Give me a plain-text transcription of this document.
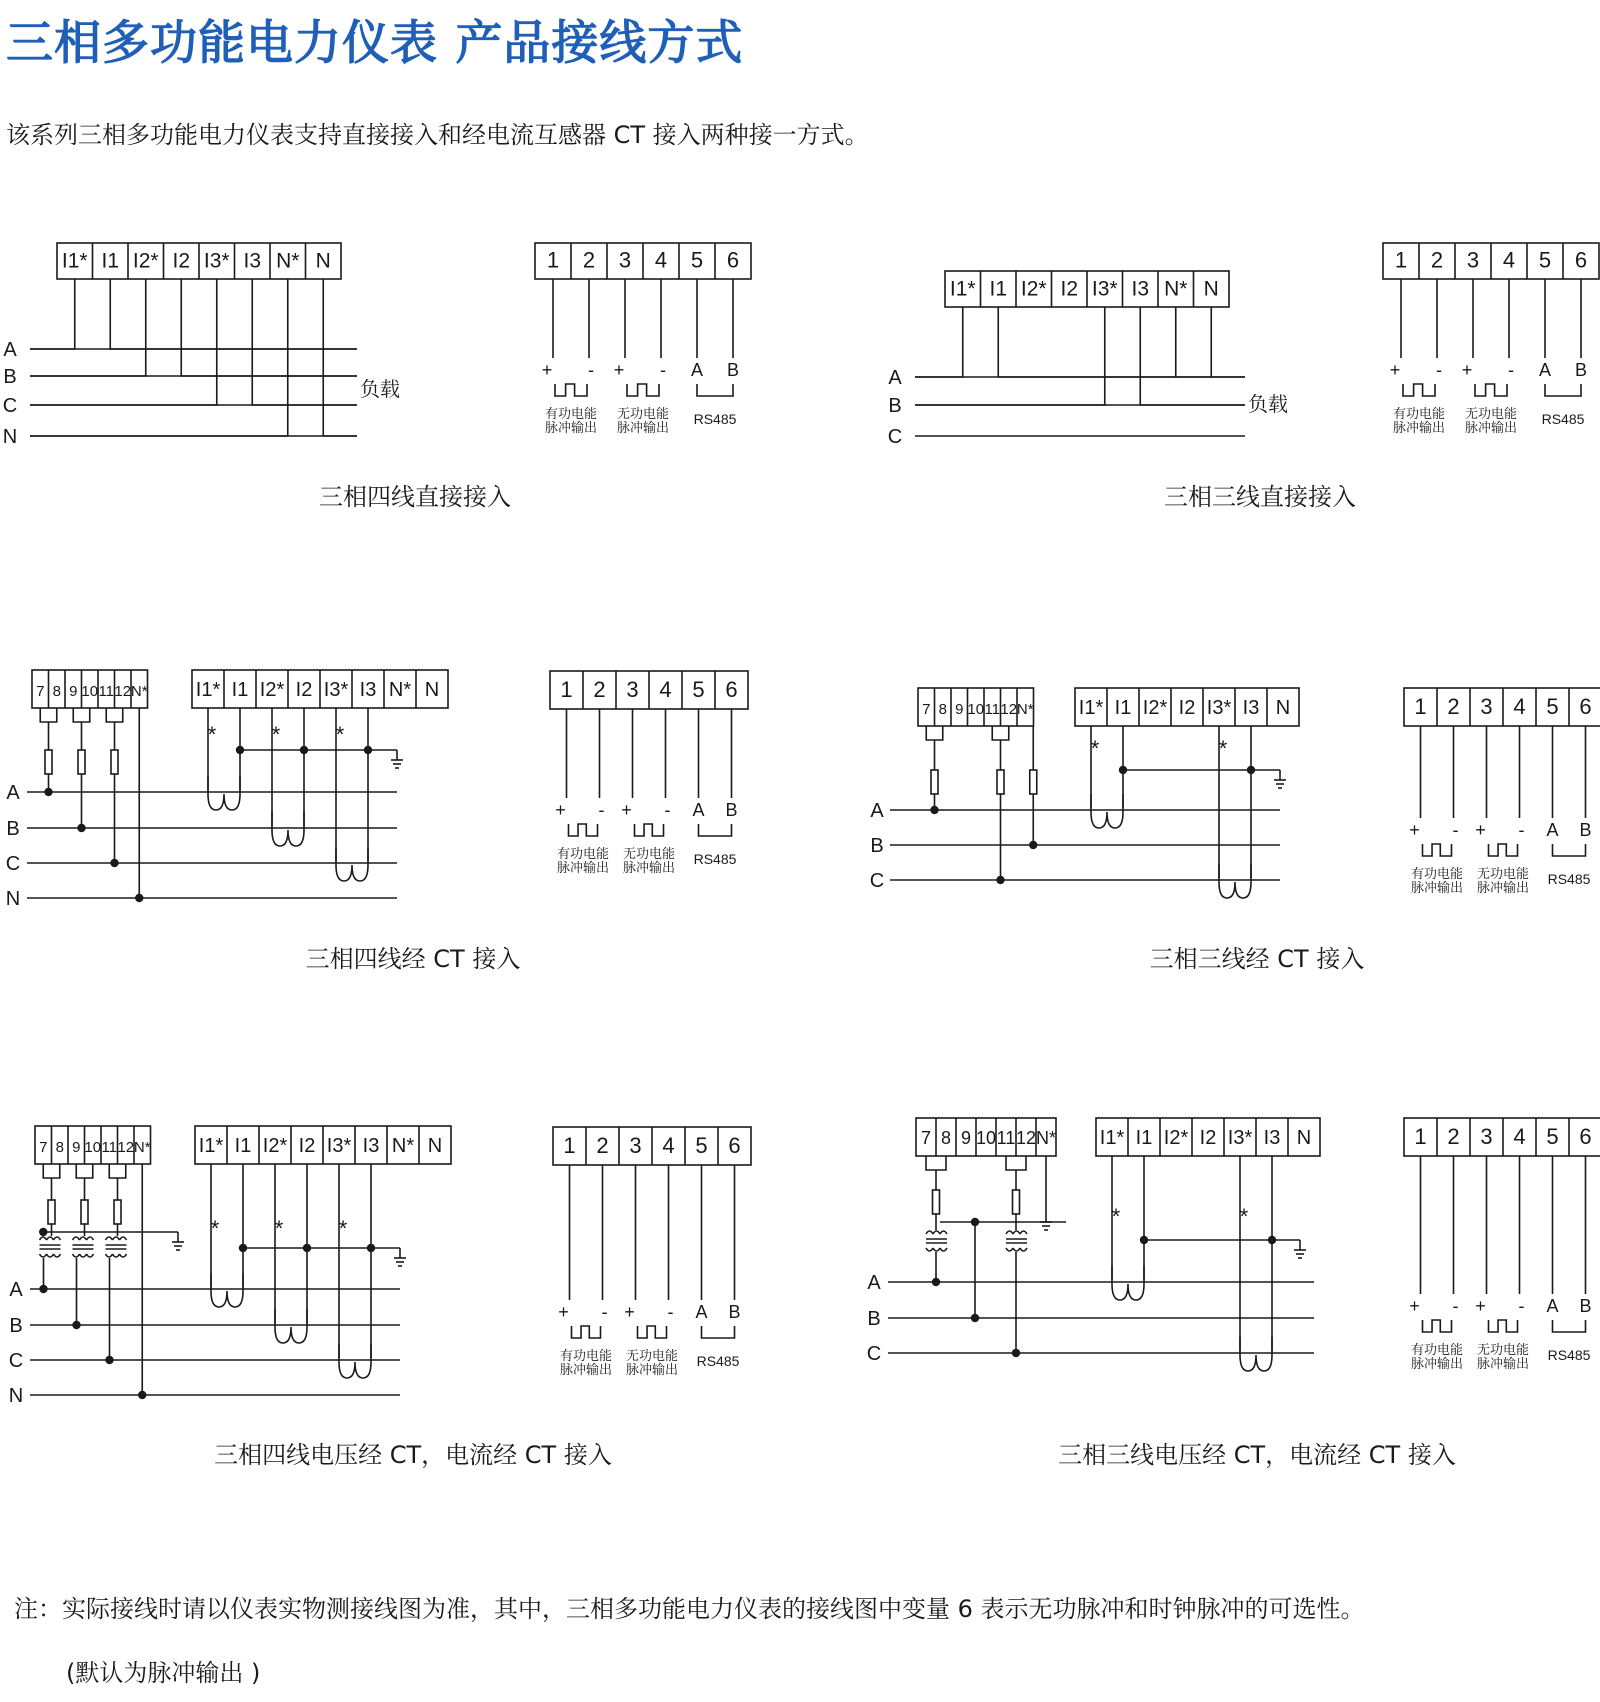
三相多功能电力仪表 产品接线方式
该系列三相多功能电力仪表支持直接接入和经电流互感器 CT 接入两种接一方式。
I1* I1 I2* I2 I3* I3 N* N
A
B
C
N
负载
1 2 3 4 5 6
+ - + - A B
有功电能
脉冲输出
无功电能
脉冲输出
RS485
三相四线直接接入
I1* I1 I2* I2 I3* I3 N* N
A
B
C
负载
1 2 3 4 5 6
+ - + - A B
有功电能
脉冲输出
无功电能
脉冲输出
RS485
三相三线直接接入
7 8 9 10 11 12 N* I1* I1 I2* I2 I3* I3 N* N
A
B
C
N
*	*	*
1 2 3 4 5 6
+ - + - A B
有功电能
脉冲输出
无功电能
脉冲输出
RS485
三相四线经 CT 接入
7 8 9 10 11 12 N* I1* I1 I2* I2 I3* I3 N
A
B
C
*	*
1 2 3 4 5 6
+ - + - A B
有功电能
脉冲输出
无功电能
脉冲输出
RS485
三相三线经 CT 接入
7 8 9 10 11 12 N* I1* I1 I2* I2 I3* I3 N* N
A
B
C
N
*	*	*
1 2 3 4 5 6
+ - + - A B
有功电能
脉冲输出
无功电能
脉冲输出
RS485
三相四线电压经 CT，电流经 CT 接入
7 8 9 10 11 12 N* I1* I1 I2* I2 I3* I3 N
A
B
C
*	*
1 2 3 4 5 6
+ - + - A B
有功电能
脉冲输出
无功电能
脉冲输出
RS485
三相三线电压经 CT，电流经 CT 接入
注：实际接线时请以仪表实物测接线图为准，其中，三相多功能电力仪表的接线图中变量 6 表示无功脉冲和时钟脉冲的可选性。
(默认为脉冲输出 )
